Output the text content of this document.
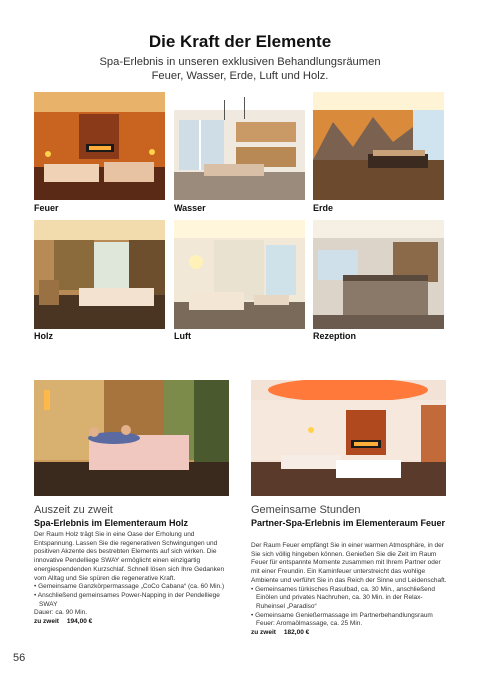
Die Kraft der Elemente
Spa-Erlebnis in unseren exklusiven Behandlungsräumen
Feuer, Wasser, Erde, Luft und Holz.
Feuer	Wasser	Erde
Holz	Luft	Rezeption
Auszeit zu zweit
Spa-Erlebnis im Elementeraum Holz

Der Raum Holz trägt Sie in eine Oase der Erholung und Entspannung. Lassen Sie die regenerativen Schwingungen und positiven Akzente des bestrebten Elements auf sich wirken. Die innovative Pendelliege SWAY ermöglicht einen einzigartig energiespendenden Kurzschlaf. Schnell lösen sich Ihre Gedanken vom Alltag und Sie spüren die regenerative Kraft.

• Gemeinsame Ganzkörpermassage „CoCo Cabana“ (ca. 60 Min.)
• Anschließend gemeinsames Power-Napping in der Pendelliege SWAY

Dauer: ca. 90 Min.

zu zweit 194,00 €

Gemeinsame Stunden
Partner-Spa-Erlebnis im Elementeraum Feuer

Der Raum Feuer empfängt Sie in einer warmen Atmosphäre, in der Sie sich völlig hingeben können. Genießen Sie die Zeit im Raum Feuer für entspannte Momente zusammen mit Ihrem Partner oder mit einer Freundin. Ein Kaminfeuer unterstreicht das wohlige Ambiente und verführt Sie in das Reich der Sinne und Leidenschaft.

• Gemeinsames türkisches Rasulbad, ca. 30 Min., anschließend Einölen und privates Nachruhen, ca. 30 Min. in der Relax-Ruheinsel „Paradiso“
• Gemeinsame Genießermassage im Partnerbehandlungsraum Feuer: Aromaölmassage, ca. 25 Min.

zu zweit 182,00 €

56
